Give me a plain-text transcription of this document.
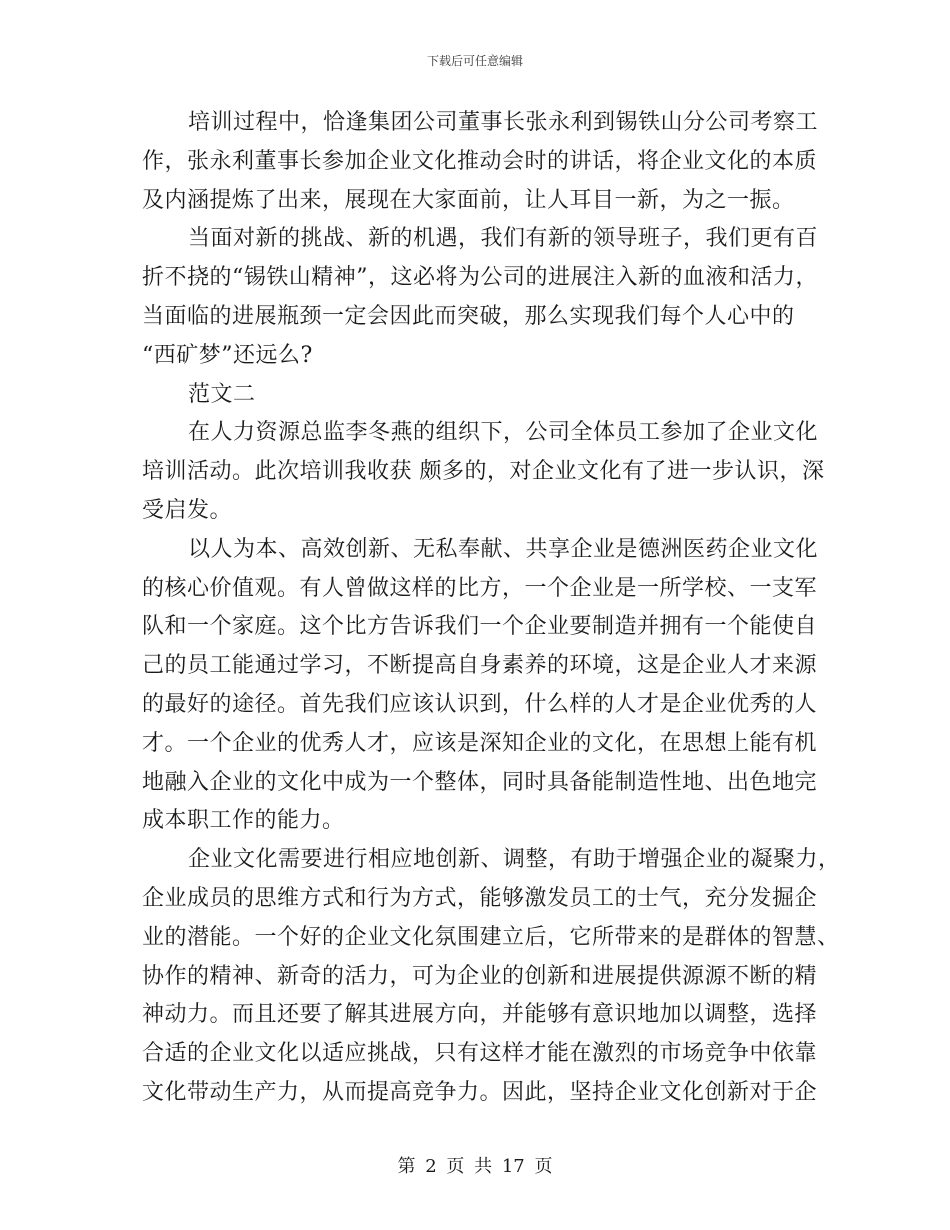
下载后可任意编辑
培训过程中，恰逢集团公司董事长张永利到锡铁山分公司考察工
作，张永利董事长参加企业文化推动会时的讲话，将企业文化的本质
及内涵提炼了出来，展现在大家面前，让人耳目一新，为之一振。
当面对新的挑战、新的机遇，我们有新的领导班子，我们更有百
折不挠的“锡铁山精神”，这必将为公司的进展注入新的血液和活力，
当面临的进展瓶颈一定会因此而突破，那么实现我们每个人心中的
“西矿梦”还远么?
范文二
在人力资源总监李冬燕的组织下，公司全体员工参加了企业文化
培训活动。此次培训我收获 颇多的，对企业文化有了进一步认识，深
受启发。
以人为本、高效创新、无私奉献、共享企业是德洲医药企业文化
的核心价值观。有人曾做这样的比方，一个企业是一所学校、一支军
队和一个家庭。这个比方告诉我们一个企业要制造并拥有一个能使自
己的员工能通过学习，不断提高自身素养的环境，这是企业人才来源
的最好的途径。首先我们应该认识到，什么样的人才是企业优秀的人
才。一个企业的优秀人才，应该是深知企业的文化，在思想上能有机
地融入企业的文化中成为一个整体，同时具备能制造性地、出色地完
成本职工作的能力。
企业文化需要进行相应地创新、调整，有助于增强企业的凝聚力，
企业成员的思维方式和行为方式，能够激发员工的士气，充分发掘企
业的潜能。一个好的企业文化氛围建立后，它所带来的是群体的智慧、
协作的精神、新奇的活力，可为企业的创新和进展提供源源不断的精
神动力。而且还要了解其进展方向，并能够有意识地加以调整，选择
合适的企业文化以适应挑战，只有这样才能在激烈的市场竞争中依靠
文化带动生产力，从而提高竞争力。因此，坚持企业文化创新对于企
第 2 页 共 17 页
